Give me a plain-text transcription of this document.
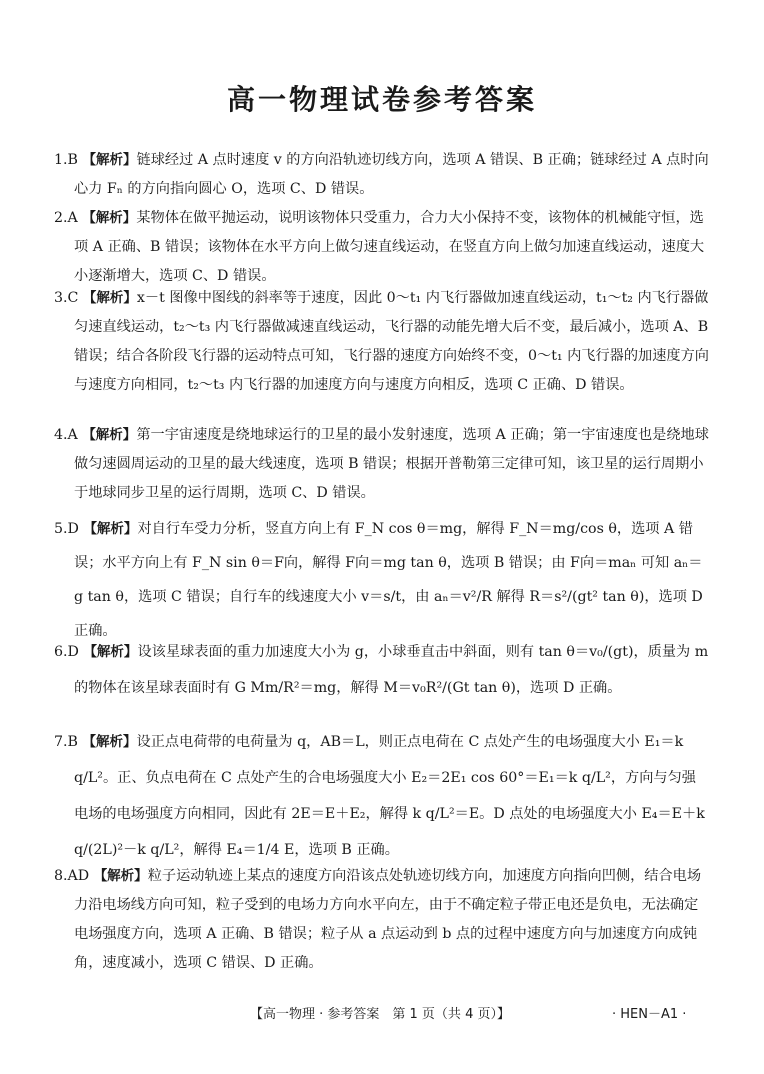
高一物理试卷参考答案

1.B 【解析】链球经过 A 点时速度 v 的方向沿轨迹切线方向，选项 A 错误、B 正确；链球经过 A 点时向心力 Fₙ 的方向指向圆心 O，选项 C、D 错误。

2.A 【解析】某物体在做平抛运动，说明该物体只受重力，合力大小保持不变，该物体的机械能守恒，选项 A 正确、B 错误；该物体在水平方向上做匀速直线运动，在竖直方向上做匀加速直线运动，速度大小逐渐增大，选项 C、D 错误。

3.C 【解析】x－t 图像中图线的斜率等于速度，因此 0～t₁ 内飞行器做加速直线运动，t₁～t₂ 内飞行器做匀速直线运动，t₂～t₃ 内飞行器做减速直线运动，飞行器的动能先增大后不变，最后减小，选项 A、B 错误；结合各阶段飞行器的运动特点可知，飞行器的速度方向始终不变，0～t₁ 内飞行器的加速度方向与速度方向相同，t₂～t₃ 内飞行器的加速度方向与速度方向相反，选项 C 正确、D 错误。

4.A 【解析】第一宇宙速度是绕地球运行的卫星的最小发射速度，选项 A 正确；第一宇宙速度也是绕地球做匀速圆周运动的卫星的最大线速度，选项 B 错误；根据开普勒第三定律可知，该卫星的运行周期小于地球同步卫星的运行周期，选项 C、D 错误。

5.D 【解析】对自行车受力分析，竖直方向上有 F_N cos θ＝mg，解得 F_N＝mg/cos θ，选项 A 错误；水平方向上有 F_N sin θ＝F向，解得 F向＝mg tan θ，选项 B 错误；由 F向＝maₙ 可知 aₙ＝g tan θ，选项 C 错误；自行车的线速度大小 v＝s/t，由 aₙ＝v²/R 解得 R＝s²/(gt² tan θ)，选项 D 正确。

6.D 【解析】设该星球表面的重力加速度大小为 g，小球垂直击中斜面，则有 tan θ＝v₀/(gt)，质量为 m 的物体在该星球表面时有 G Mm/R²＝mg，解得 M＝v₀R²/(Gt tan θ)，选项 D 正确。

7.B 【解析】设正点电荷带的电荷量为 q，AB＝L，则正点电荷在 C 点处产生的电场强度大小 E₁＝k q/L²。正、负点电荷在 C 点处产生的合电场强度大小 E₂＝2E₁ cos 60°＝E₁＝k q/L²，方向与匀强电场的电场强度方向相同，因此有 2E＝E＋E₂，解得 k q/L²＝E。D 点处的电场强度大小 E₄＝E＋k q/(2L)²－k q/L²，解得 E₄＝1/4 E，选项 B 正确。

8.AD 【解析】粒子运动轨迹上某点的速度方向沿该点处轨迹切线方向，加速度方向指向凹侧，结合电场力沿电场线方向可知，粒子受到的电场力方向水平向左，由于不确定粒子带正电还是负电，无法确定电场强度方向，选项 A 正确、B 错误；粒子从 a 点运动到 b 点的过程中速度方向与加速度方向成钝角，速度减小，选项 C 错误、D 正确。

【高一物理 · 参考答案　第 1 页（共 4 页）】	· HEN－A1 ·
